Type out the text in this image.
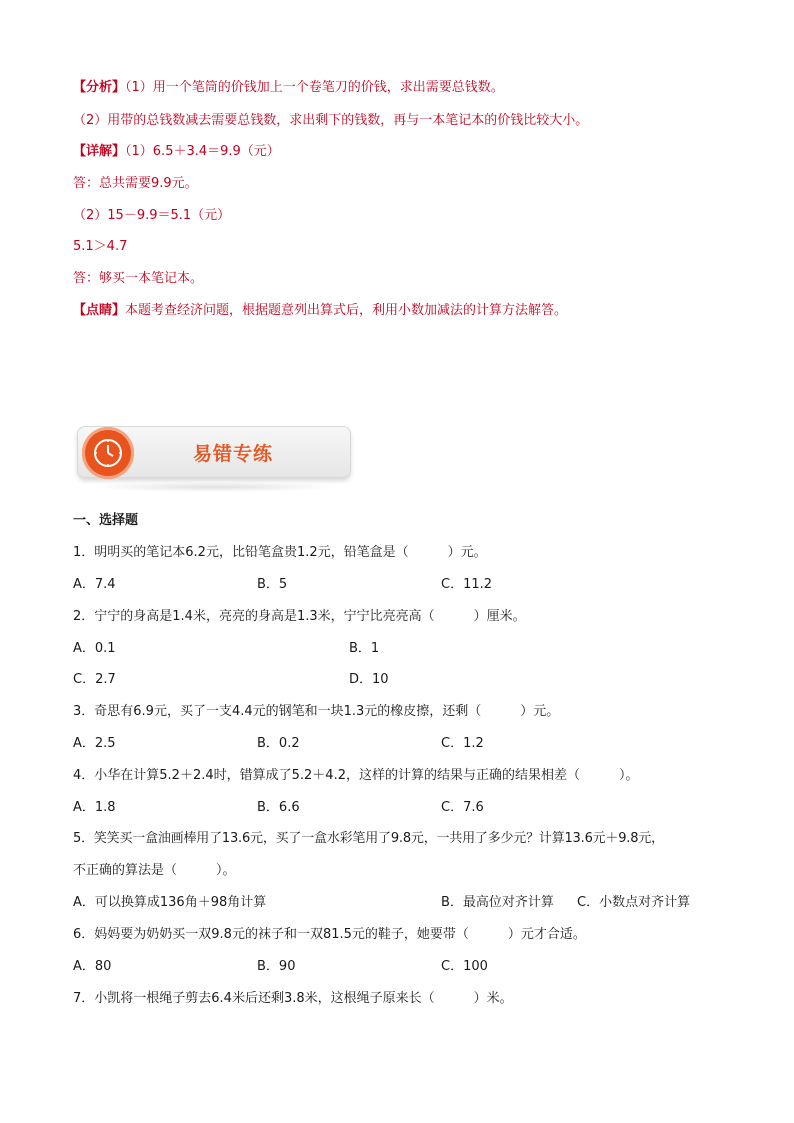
【分析】（1）用一个笔筒的价钱加上一个卷笔刀的价钱，求出需要总钱数。
（2）用带的总钱数减去需要总钱数，求出剩下的钱数，再与一本笔记本的价钱比较大小。
【详解】（1）6.5＋3.4＝9.9（元）
答：总共需要9.9元。
（2）15－9.9＝5.1（元）
5.1＞4.7
答：够买一本笔记本。
【点睛】本题考查经济问题，根据题意列出算式后，利用小数加减法的计算方法解答。
易错专练
一、选择题
1．明明买的笔记本6.2元，比铅笔盒贵1.2元，铅笔盒是（　　　）元。
A．7.4	B．5	C．11.2
2．宁宁的身高是1.4米，亮亮的身高是1.3米，宁宁比亮亮高（　　　）厘米。
A．0.1	B．1
C．2.7	D．10
3．奇思有6.9元，买了一支4.4元的钢笔和一块1.3元的橡皮擦，还剩（　　　）元。
A．2.5	B．0.2	C．1.2
4．小华在计算5.2＋2.4时，错算成了5.2＋4.2，这样的计算的结果与正确的结果相差（　　　）。
A．1.8	B．6.6	C．7.6
5．笑笑买一盒油画棒用了13.6元，买了一盒水彩笔用了9.8元，一共用了多少元？计算13.6元＋9.8元，
不正确的算法是（　　　）。
A．可以换算成136角＋98角计算	B．最高位对齐计算 C．小数点对齐计算
6．妈妈要为奶奶买一双9.8元的袜子和一双81.5元的鞋子，她要带（　　　）元才合适。
A．80	B．90	C．100
7．小凯将一根绳子剪去6.4米后还剩3.8米，这根绳子原来长（　　　）米。
